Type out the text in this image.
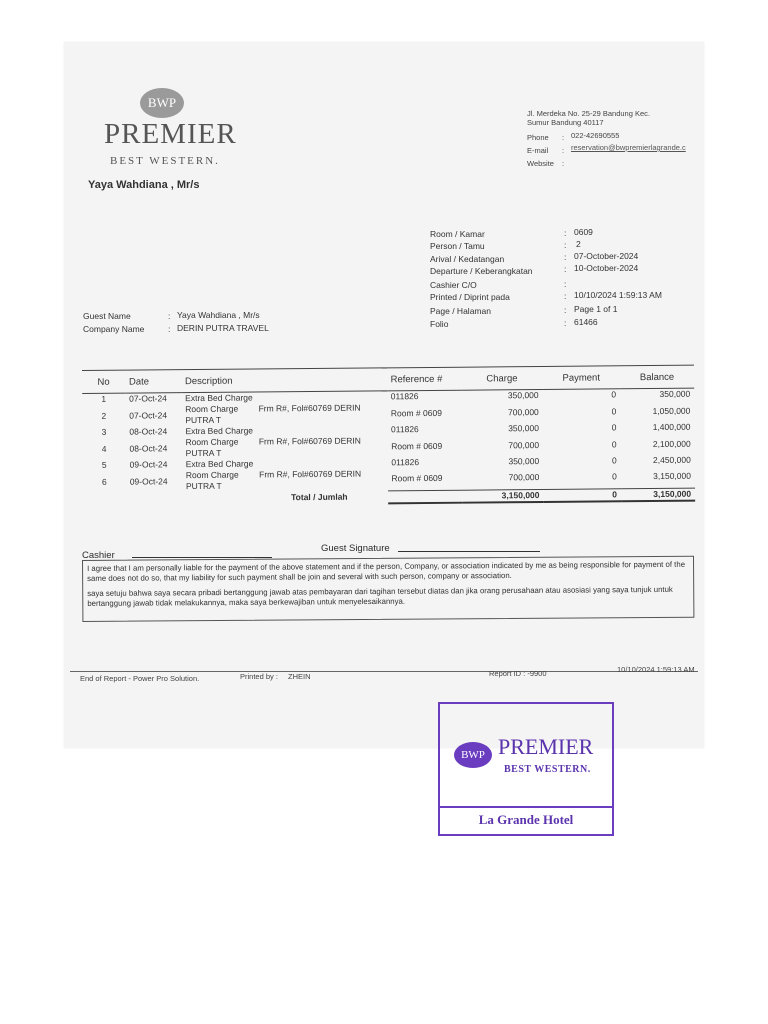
BWP
PREMIER
BEST WESTERN.
Yaya Wahdiana , Mr/s
Jl. Merdeka No. 25-29 Bandung Kec.
Sumur Bandung 40117
Phone : 022-42690555
E-mail : reservation@bwpremierlagrande.c
Website :
Room / Kamar	: 0609
Person / Tamu	: 2
Arival / Kedatangan	: 07-October-2024
Departure / Keberangkatan	: 10-October-2024
Cashier C/O	:
Printed / Diprint pada	: 10/10/2024 1:59:13 AM
Page / Halaman	: Page 1 of 1
Folio	: 61466
Guest Name	: Yaya Wahdiana , Mr/s
Company Name	: DERIN PUTRA TRAVEL
No	Date	Description	Reference #	Charge	Payment	Balance
1	07-Oct-24	Extra Bed Charge	011826	350,000	0	350,000
2	07-Oct-24	Room Charge Frm R#, Fol#60769 DERIN PUTRA T	Room # 0609	700,000	0	1,050,000
3	08-Oct-24	Extra Bed Charge	011826	350,000	0	1,400,000
4	08-Oct-24	Room Charge Frm R#, Fol#60769 DERIN PUTRA T	Room # 0609	700,000	0	2,100,000
5	09-Oct-24	Extra Bed Charge	011826	350,000	0	2,450,000
6	09-Oct-24	Room Charge Frm R#, Fol#60769 DERIN PUTRA T	Room # 0609	700,000	0	3,150,000
		Total / Jumlah		3,150,000	0	3,150,000
Cashier
Guest Signature

I agree that I am personally liable for the payment of the above statement and if the person, Company, or association indicated by me as being responsible for payment of the same does not do so, that my liability for such payment shall be join and several with such person, company or association.

saya setuju bahwa saya secara pribadi bertanggung jawab atas pembayaran dari tagihan tersebut diatas dan jika orang perusahaan atau asosiasi yang saya tunjuk untuk bertanggung jawab tidak melakukannya, maka saya berkewajiban untuk menyelesaikannya.

End of Report - Power Pro Solution.	Printed by : ZHEIN	Report ID : -9900	10/10/2024 1:59:13 AM
BWP PREMIER
BEST WESTERN.
La Grande Hotel
